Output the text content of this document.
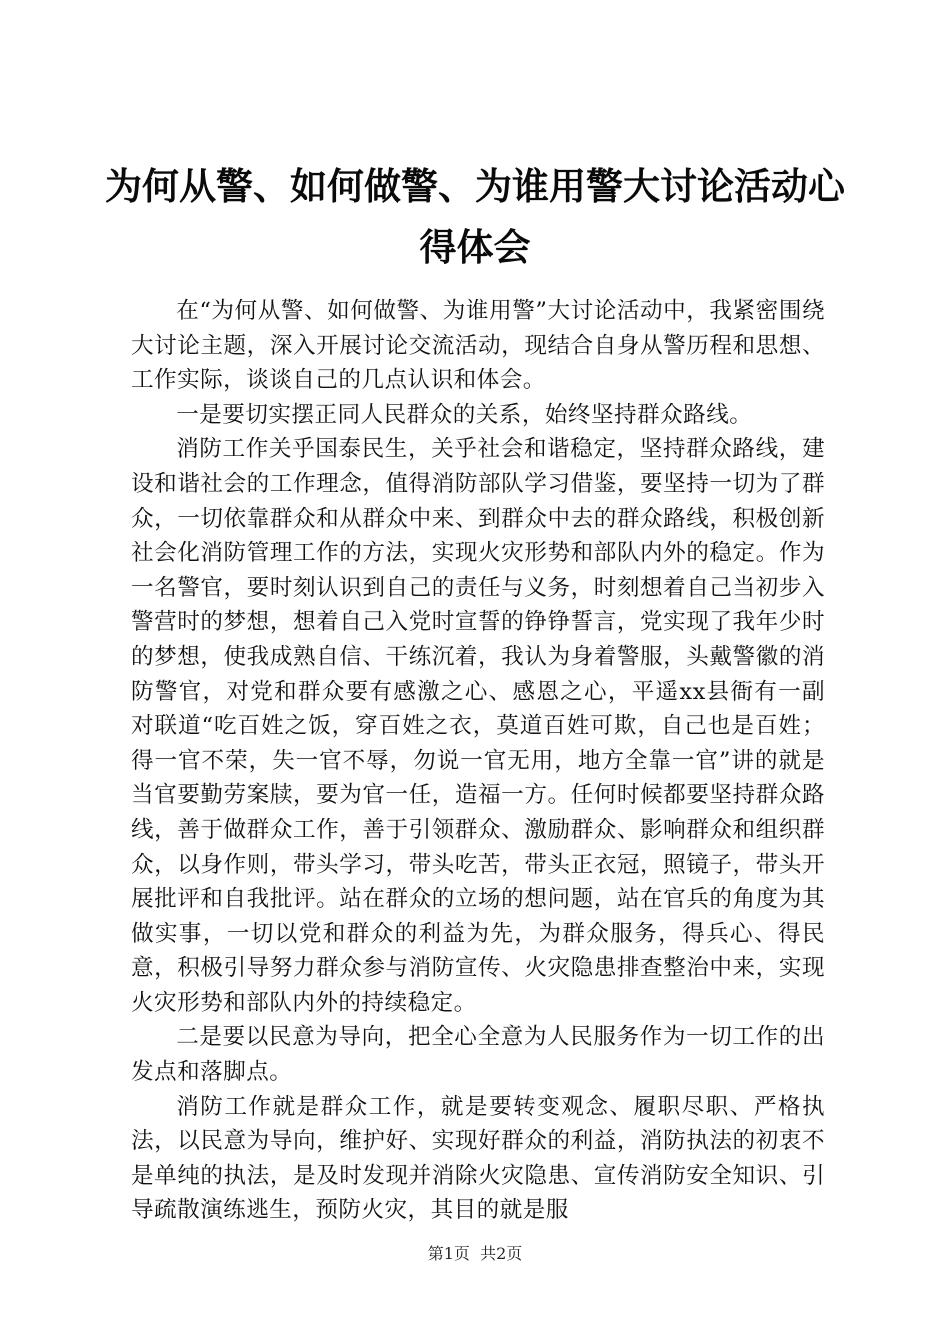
为何从警、如何做警、为谁用警大讨论活动心得体会

在“为何从警、如何做警、为谁用警”大讨论活动中，我紧密围绕大讨论主题，深入开展讨论交流活动，现结合自身从警历程和思想、工作实际，谈谈自己的几点认识和体会。

一是要切实摆正同人民群众的关系，始终坚持群众路线。

消防工作关乎国泰民生，关乎社会和谐稳定，坚持群众路线，建设和谐社会的工作理念，值得消防部队学习借鉴，要坚持一切为了群众，一切依靠群众和从群众中来、到群众中去的群众路线，积极创新社会化消防管理工作的方法，实现火灾形势和部队内外的稳定。作为一名警官，要时刻认识到自己的责任与义务，时刻想着自己当初步入警营时的梦想，想着自己入党时宣誓的铮铮誓言，党实现了我年少时的梦想，使我成熟自信、干练沉着，我认为身着警服，头戴警徽的消防警官，对党和群众要有感激之心、感恩之心，平遥xx县衙有一副对联道“吃百姓之饭，穿百姓之衣，莫道百姓可欺，自己也是百姓；得一官不荣，失一官不辱，勿说一官无用，地方全靠一官”讲的就是当官要勤劳案牍，要为官一任，造福一方。任何时候都要坚持群众路线，善于做群众工作，善于引领群众、激励群众、影响群众和组织群众，以身作则，带头学习，带头吃苦，带头正衣冠，照镜子，带头开展批评和自我批评。站在群众的立场的想问题，站在官兵的角度为其做实事，一切以党和群众的利益为先，为群众服务，得兵心、得民意，积极引导努力群众参与消防宣传、火灾隐患排查整治中来，实现火灾形势和部队内外的持续稳定。

二是要以民意为导向，把全心全意为人民服务作为一切工作的出发点和落脚点。

消防工作就是群众工作，就是要转变观念、履职尽职、严格执法，以民意为导向，维护好、实现好群众的利益，消防执法的初衷不是单纯的执法，是及时发现并消除火灾隐患、宣传消防安全知识、引导疏散演练逃生，预防火灾，其目的就是服

第1页 共2页
